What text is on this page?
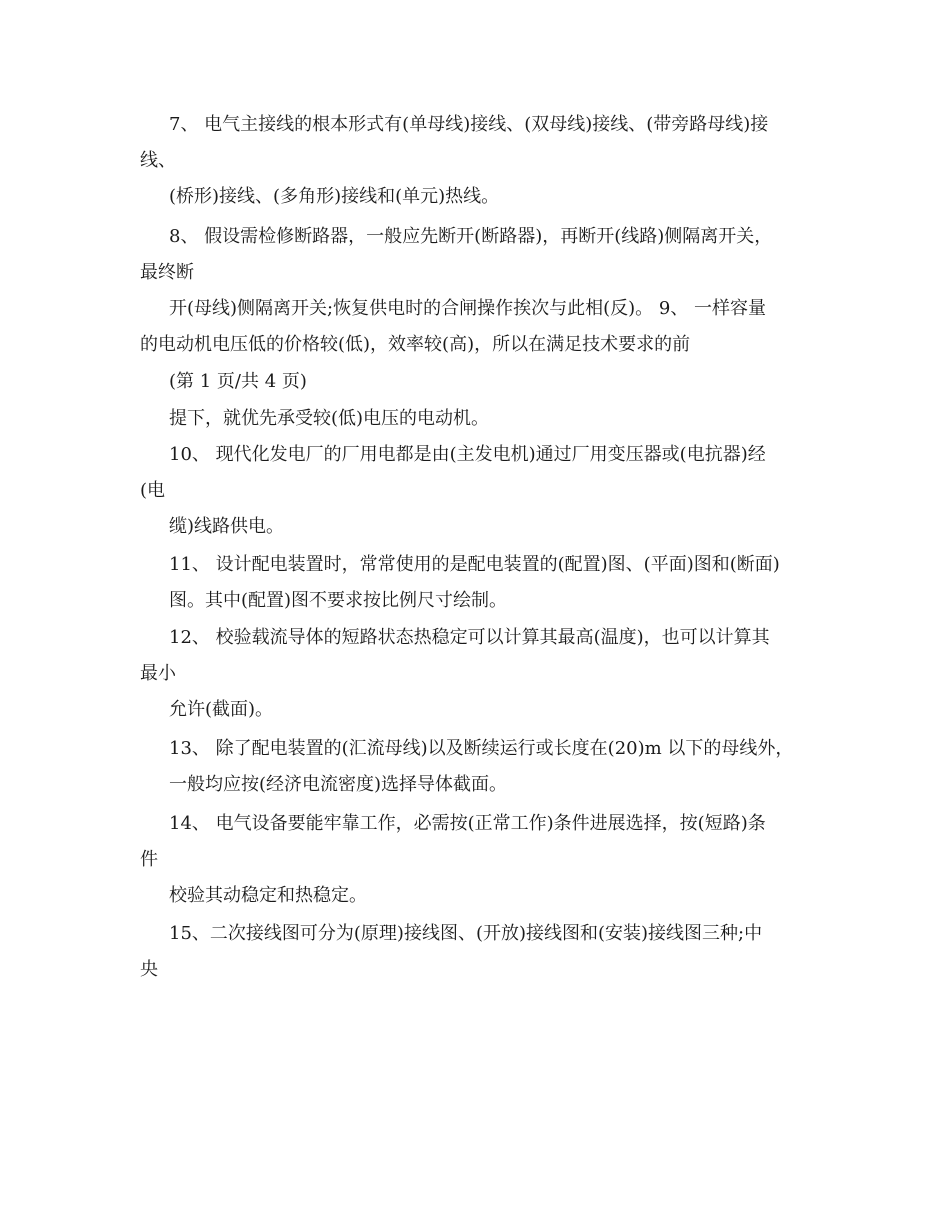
7、 电气主接线的根本形式有(单母线)接线、(双母线)接线、(带旁路母线)接
线、
(桥形)接线、(多角形)接线和(单元)热线。
8、 假设需检修断路器，一般应先断开(断路器)，再断开(线路)侧隔离开关，
最终断
开(母线)侧隔离开关;恢复供电时的合闸操作挨次与此相(反)。 9、 一样容量
的电动机电压低的价格较(低)，效率较(高)，所以在满足技术要求的前
(第 1 页/共 4 页)
提下，就优先承受较(低)电压的电动机。
10、 现代化发电厂的厂用电都是由(主发电机)通过厂用变压器或(电抗器)经
(电
缆)线路供电。
11、 设计配电装置时，常常使用的是配电装置的(配置)图、(平面)图和(断面)
图。其中(配置)图不要求按比例尺寸绘制。
12、 校验载流导体的短路状态热稳定可以计算其最高(温度)，也可以计算其
最小
允许(截面)。
13、 除了配电装置的(汇流母线)以及断续运行或长度在(20)m 以下的母线外，
一般均应按(经济电流密度)选择导体截面。
14、 电气设备要能牢靠工作，必需按(正常工作)条件进展选择，按(短路)条
件
校验其动稳定和热稳定。
15、二次接线图可分为(原理)接线图、(开放)接线图和(安装)接线图三种;中
央
